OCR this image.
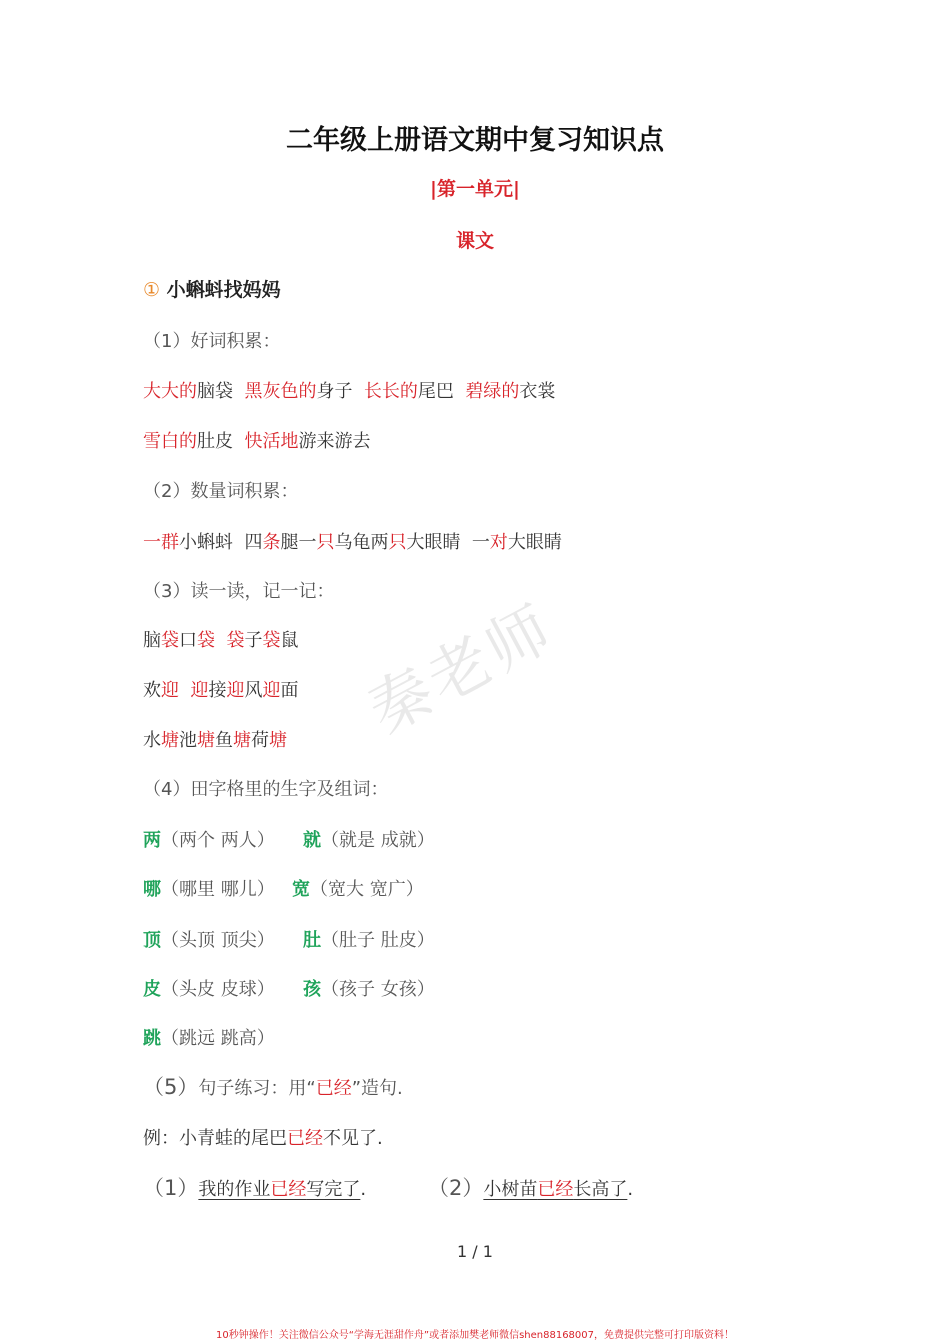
二年级上册语文期中复习知识点
|第一单元|
课文
① 小蝌蚪找妈妈
（1）好词积累：
大大的脑袋 黑灰色的身子 长长的尾巴 碧绿的衣裳
雪白的肚皮 快活地游来游去
（2）数量词积累：
一群小蝌蚪 四条腿一只乌龟两只大眼睛 一对大眼睛
（3）读一读，记一记：
脑袋口袋 袋子袋鼠
欢迎 迎接迎风迎面
水塘池塘鱼塘荷塘 秦老师
（4）田字格里的生字及组词：
两（两个 两人） 就（就是 成就）
哪（哪里 哪儿） 宽（宽大 宽广）
顶（头顶 顶尖） 肚（肚子 肚皮）
皮（头皮 皮球） 孩（孩子 女孩）
跳（跳远 跳高）
（5）句子练习：用“已经”造句.
例：小青蛙的尾巴已经不见了.
（1）我的作业已经写完了.	（2）小树苗已经长高了.
1 / 1
10秒钟操作！关注微信公众号“学海无涯甜作舟”或者添加樊老师微信shen88168007，免费提供完整可打印版资料！
